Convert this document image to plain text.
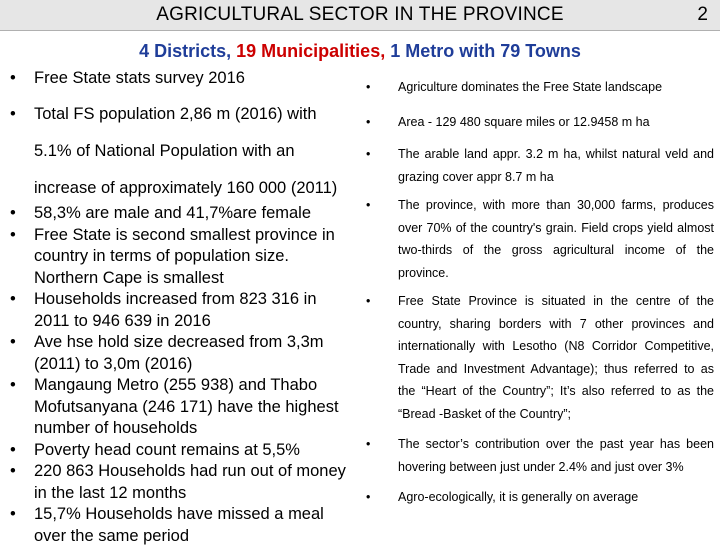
AGRICULTURAL SECTOR IN THE PROVINCE	2
4 Districts, 19 Municipalities, 1 Metro with 79 Towns
• Free State stats survey 2016
• Total FS population 2,86 m (2016) with
5.1% of National Population with an
increase of approximately 160 000 (2011)
• 58,3% are male and 41,7%are female
• Free State is second smallest province in
country in terms of population size.
Northern Cape is smallest
• Households increased from 823 316 in
2011 to 946 639 in 2016
• Ave hse hold size decreased from 3,3m
(2011) to 3,0m (2016)
• Mangaung Metro (255 938) and Thabo
Mofutsanyana (246 171) have the highest
number of households
• Poverty head count remains at 5,5%
• 220 863 Households had run out of money
in the last 12 months
• 15,7% Households have missed a meal
over the same period
• Agriculture dominates the Free State landscape

• Area - 129 480 square miles or 12.9458 m ha

• The arable land appr. 3.2 m ha, whilst natural veld and grazing cover appr 8.7 m ha

• The province, with more than 30,000 farms, produces over 70% of the country's grain. Field crops yield almost two-thirds of the gross agricultural income of the province.

• Free State Province is situated in the centre of the country, sharing borders with 7 other provinces and internationally with Lesotho (N8 Corridor Competitive, Trade and Investment Advantage); thus referred to as the “Heart of the Country”; It’s also referred to as the “Bread -Basket of the Country”;

• The sector’s contribution over the past year has been hovering between just under 2.4% and just over 3%

• Agro-ecologically, it is generally on average
